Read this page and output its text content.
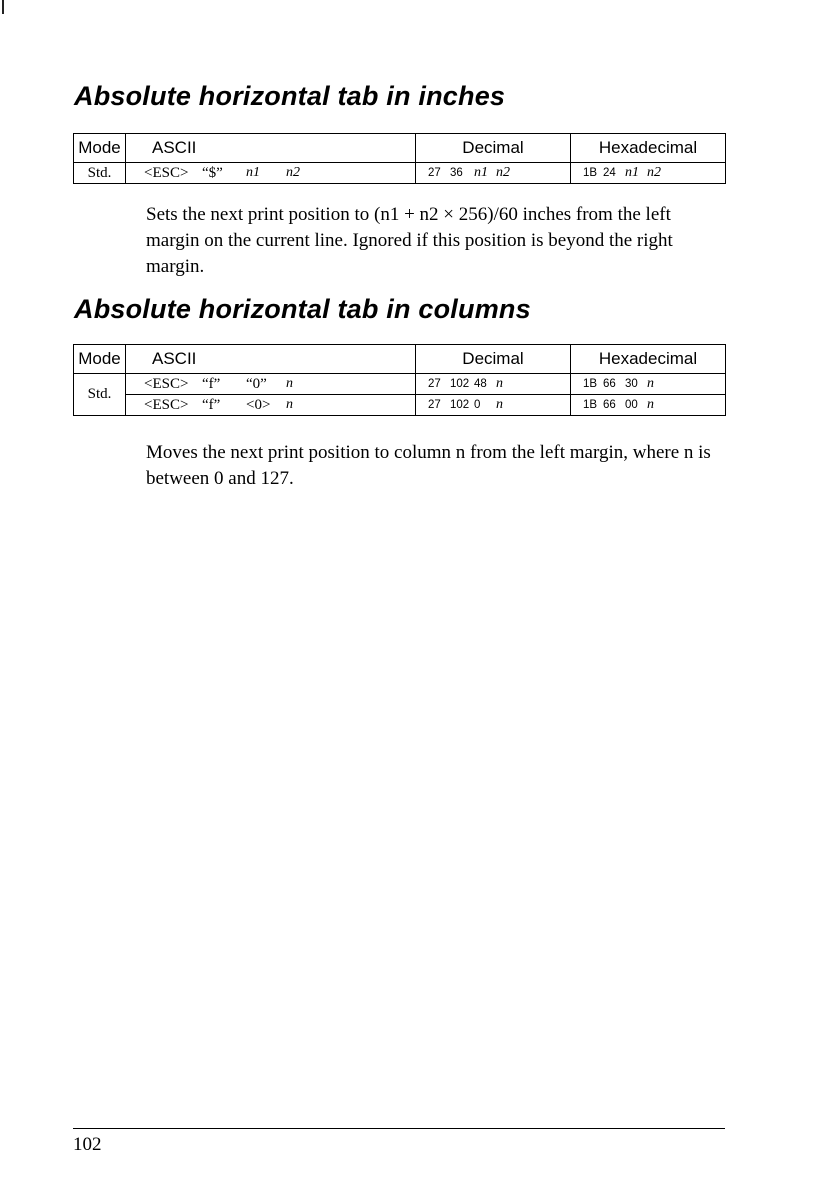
Absolute horizontal tab in inches
Mode	ASCII	Decimal	Hexadecimal
Std.	<ESC> “$” n1 n2	27 36 n1 n2	1B 24 n1 n2

Sets the next print position to (n1 + n2 × 256)/60 inches from the left margin on the current line. Ignored if this position is beyond the right margin.

Absolute horizontal tab in columns
Mode	ASCII	Decimal	Hexadecimal
Std.	<ESC> “f” “0” n	27 102 48 n	1B 66 30 n

	<ESC> “f” <0> n	27 102 0 n	1B 66 00 n

Moves the next print position to column n from the left margin, where n is between 0 and 127.

102
